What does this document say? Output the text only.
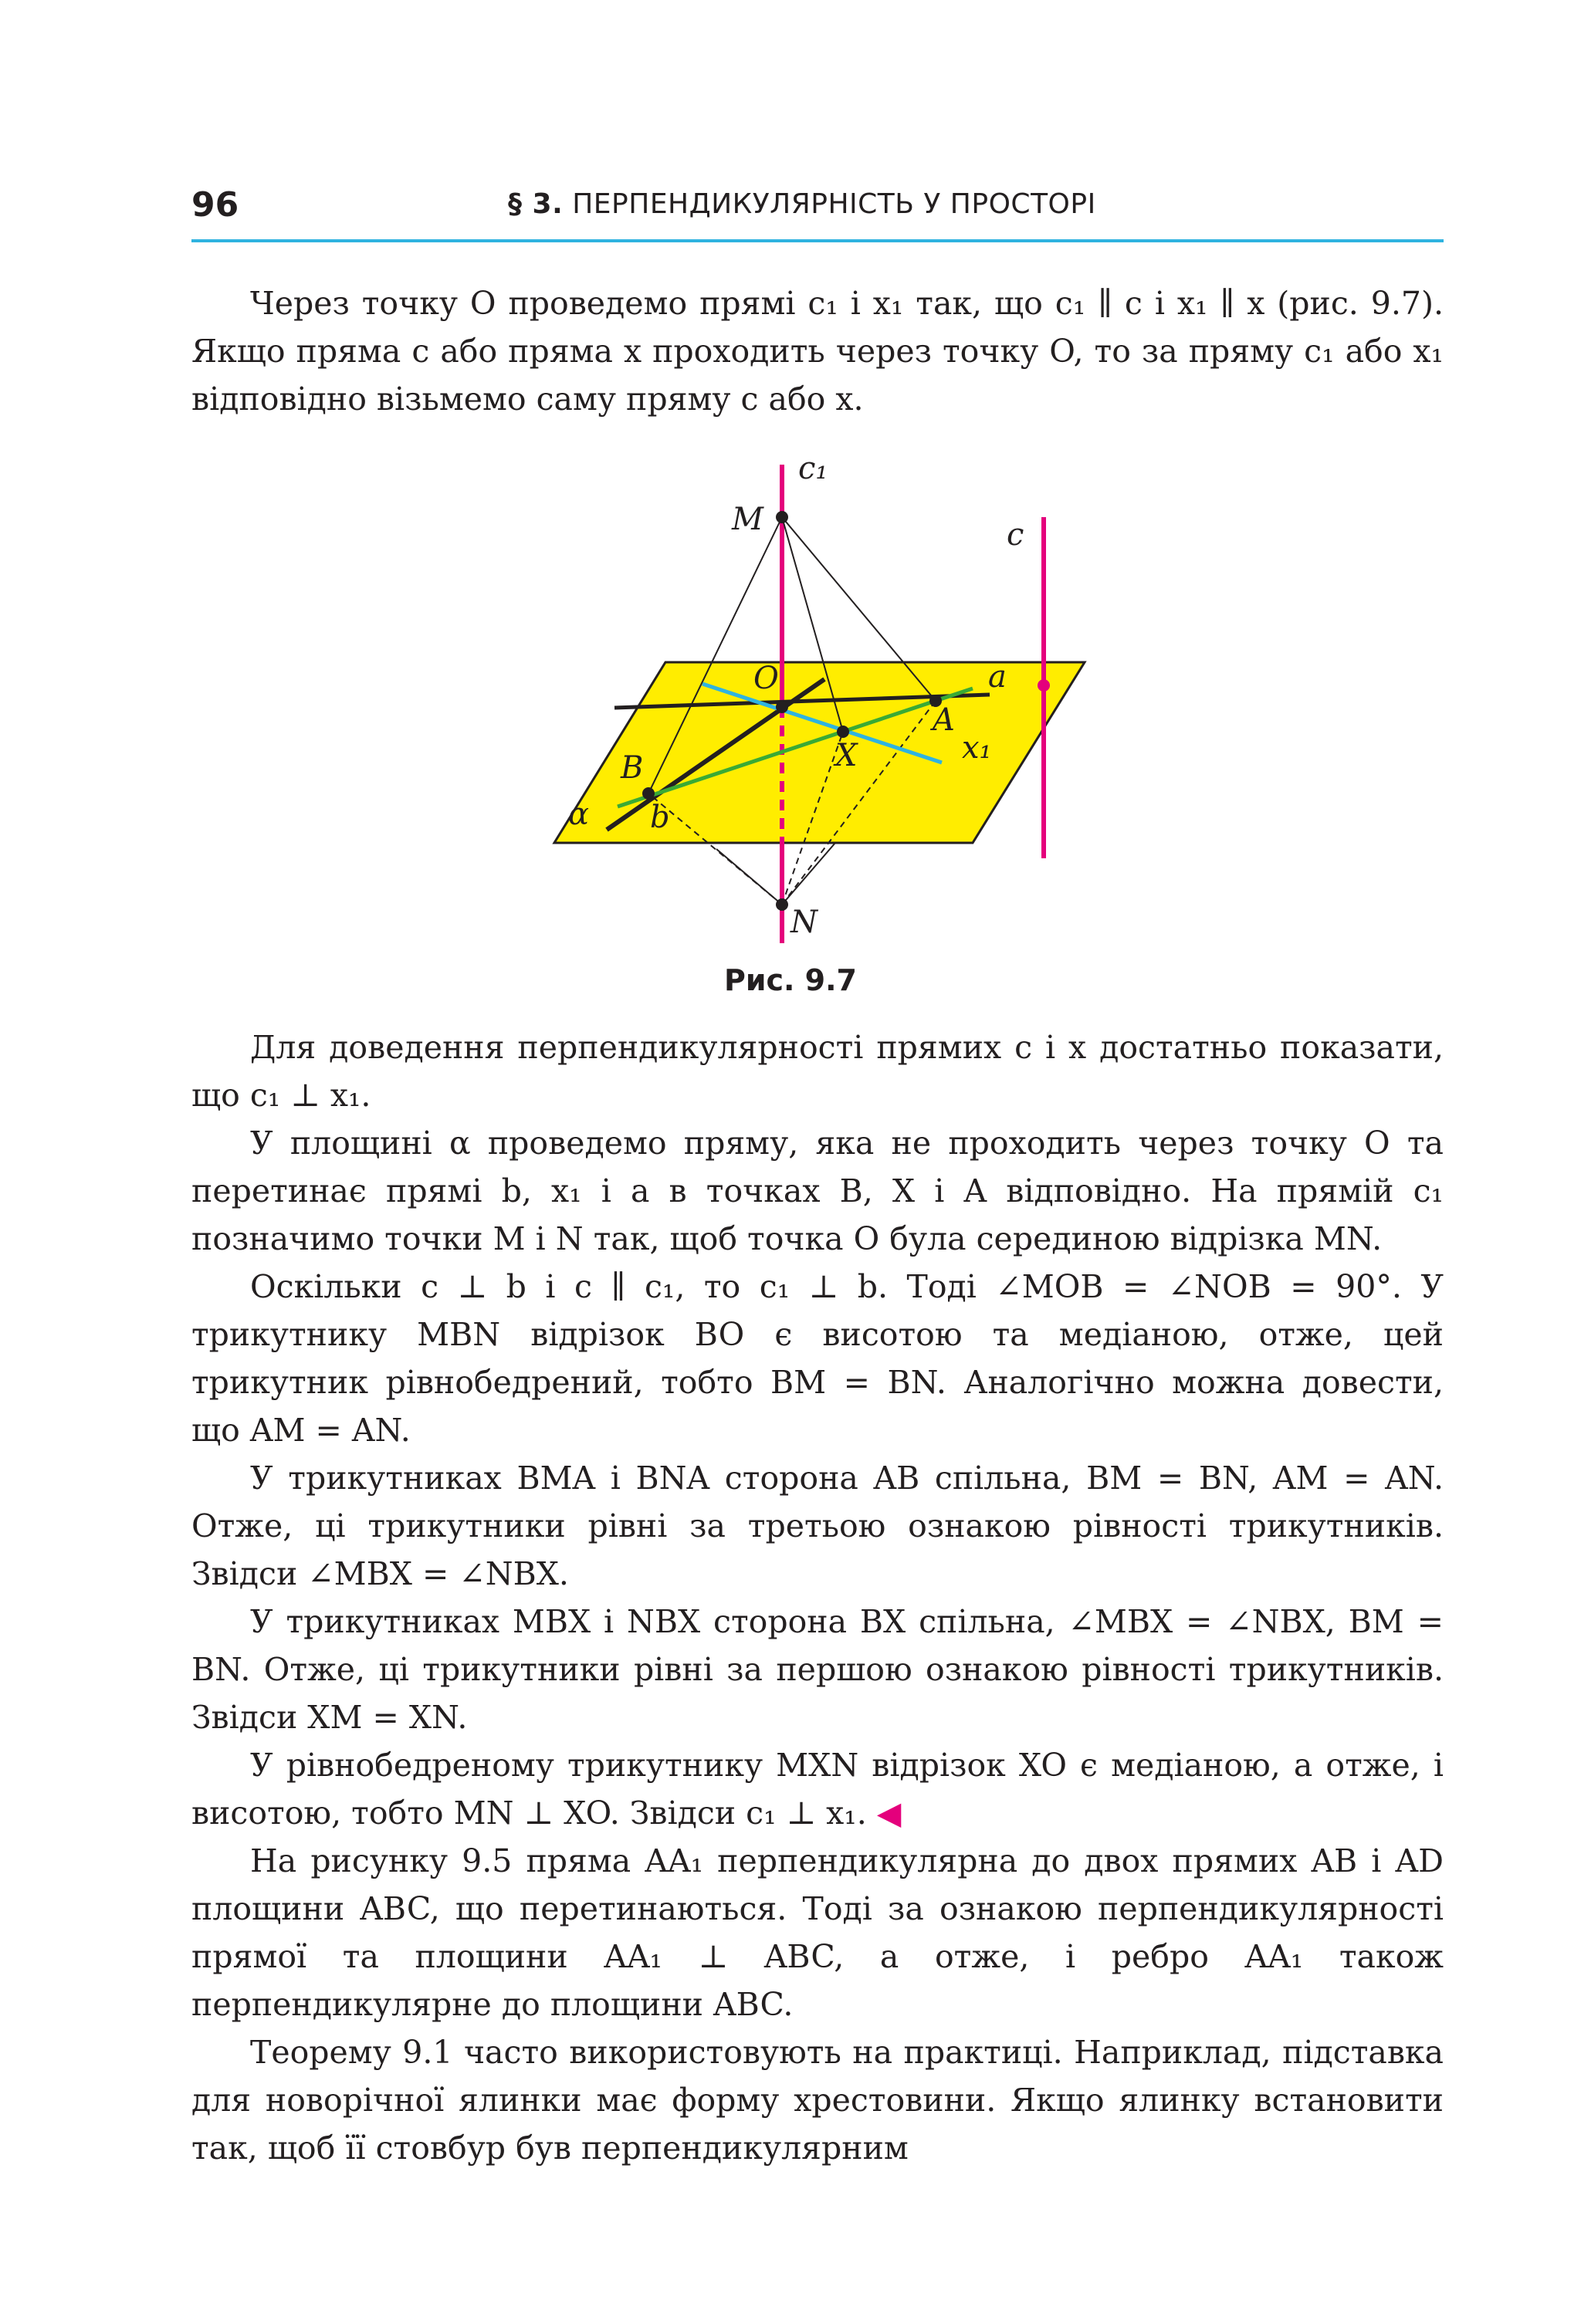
96	§ 3. ПЕРПЕНДИКУЛЯРНІСТЬ У ПРОСТОРІ

Через точку O проведемо прямі c₁ і x₁ так, що c₁ ∥ c і x₁ ∥ x (рис. 9.7). Якщо пряма c або пряма x проходить через точку O, то за пряму c₁ або x₁ відповідно візьмемо саму пряму c або x.

c₁
M	c
O	a
A
X	x₁
B
α b
N
Рис. 9.7

Для доведення перпендикулярності прямих c і x достатньо показати, що c₁ ⊥ x₁.

У площині α проведемо пряму, яка не проходить через точку O та перетинає прямі b, x₁ і a в точках B, X і A відповідно. На прямій c₁ позначимо точки M і N так, щоб точка O була серединою відрізка MN.

Оскільки c ⊥ b і c ∥ c₁, то c₁ ⊥ b. Тоді ∠MOB = ∠NOB = 90°. У трикутнику MBN відрізок BO є висотою та медіаною, отже, цей трикутник рівнобедрений, тобто BM = BN. Аналогічно можна довести, що AM = AN.

У трикутниках BMA і BNA сторона AB спільна, BM = BN, AM = AN. Отже, ці трикутники рівні за третьою ознакою рівності трикутників. Звідси ∠MBX = ∠NBX.

У трикутниках MBX і NBX сторона BX спільна, ∠MBX = ∠NBX, BM = BN. Отже, ці трикутники рівні за першою ознакою рівності трикутників. Звідси XM = XN.

У рівнобедреному трикутнику MXN відрізок XO є медіаною, а отже, і висотою, тобто MN ⊥ XO. Звідси c₁ ⊥ x₁. ◀

На рисунку 9.5 пряма AA₁ перпендикулярна до двох прямих AB і AD площини ABC, що перетинаються. Тоді за ознакою перпендикулярності прямої та площини AA₁ ⊥ ABC, а отже, і ребро AA₁ також перпендикулярне до площини ABC.

Теорему 9.1 часто використовують на практиці. Наприклад, підставка для новорічної ялинки має форму хрестовини. Якщо ялинку встановити так, щоб її стовбур був перпендикулярним
